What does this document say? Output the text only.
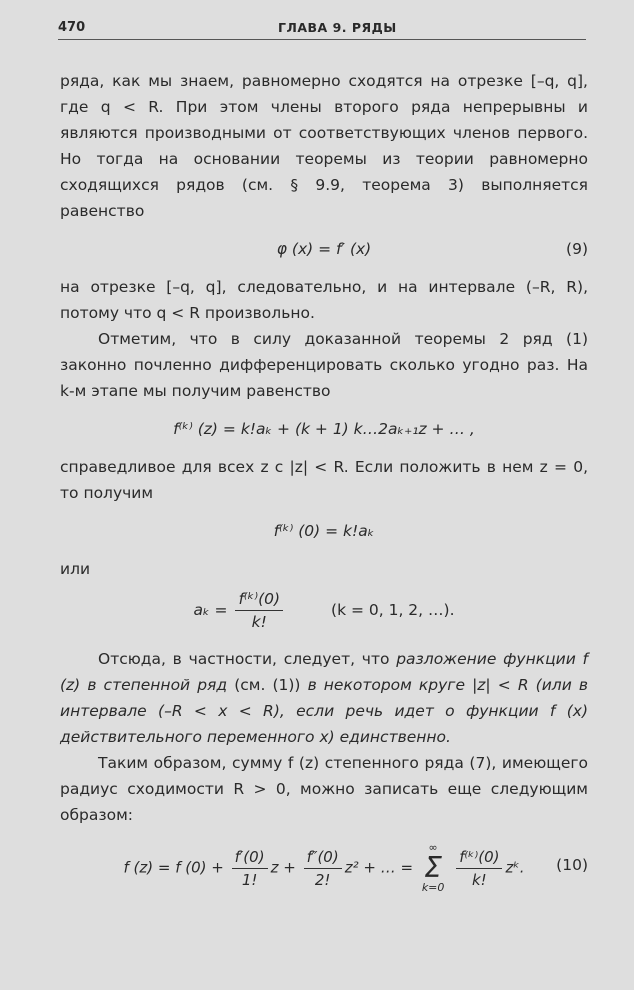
470	ГЛАВА 9. РЯДЫ

ряда, как мы знаем, равномерно сходятся на отрезке [–q, q], где q < R. При этом члены второго ряда непрерывны и являются производными от соответствующих членов первого. Но тогда на основании теоремы из теории равномерно сходящихся рядов (см. § 9.9, теорема 3) выполняется равенство

φ (x) = f′ (x)	(9)

на отрезке [–q, q], следовательно, и на интервале (–R, R), потому что q < R произвольно.

Отметим, что в силу доказанной теоремы 2 ряд (1) законно почленно дифференцировать сколько угодно раз. На k-м этапе мы получим равенство

f⁽ᵏ⁾ (z) = k!aₖ + (k + 1) k…2aₖ₊₁z + … ,

справедливое для всех z с |z| < R. Если положить в нем z = 0, то получим

f⁽ᵏ⁾ (0) = k!aₖ

или

$a_k = \frac{\text{f⁽ᵏ⁾(0)}}{k!}$	(k = 0, 1, 2, …).

Отсюда, в частности, следует, что разложение функции f (z) в степенной ряд (см. (1)) в некотором круге |z| < R (или в интервале (–R < x < R), если речь идет о функции f (x) действительного переменного x) единственно.

Таким образом, сумму f (z) степенного ряда (7), имеющего радиус сходимости R > 0, можно записать еще следующим образом:

f (z) = f $(0) + \frac{f'(0)}{1!}$ $z + \frac{f''(0)}{2!} z^2$ + … = ∞
Σ
$k=0 \frac{\text{f⁽ᵏ⁾(0)}}{k!}$ zᵏ.	(10)
